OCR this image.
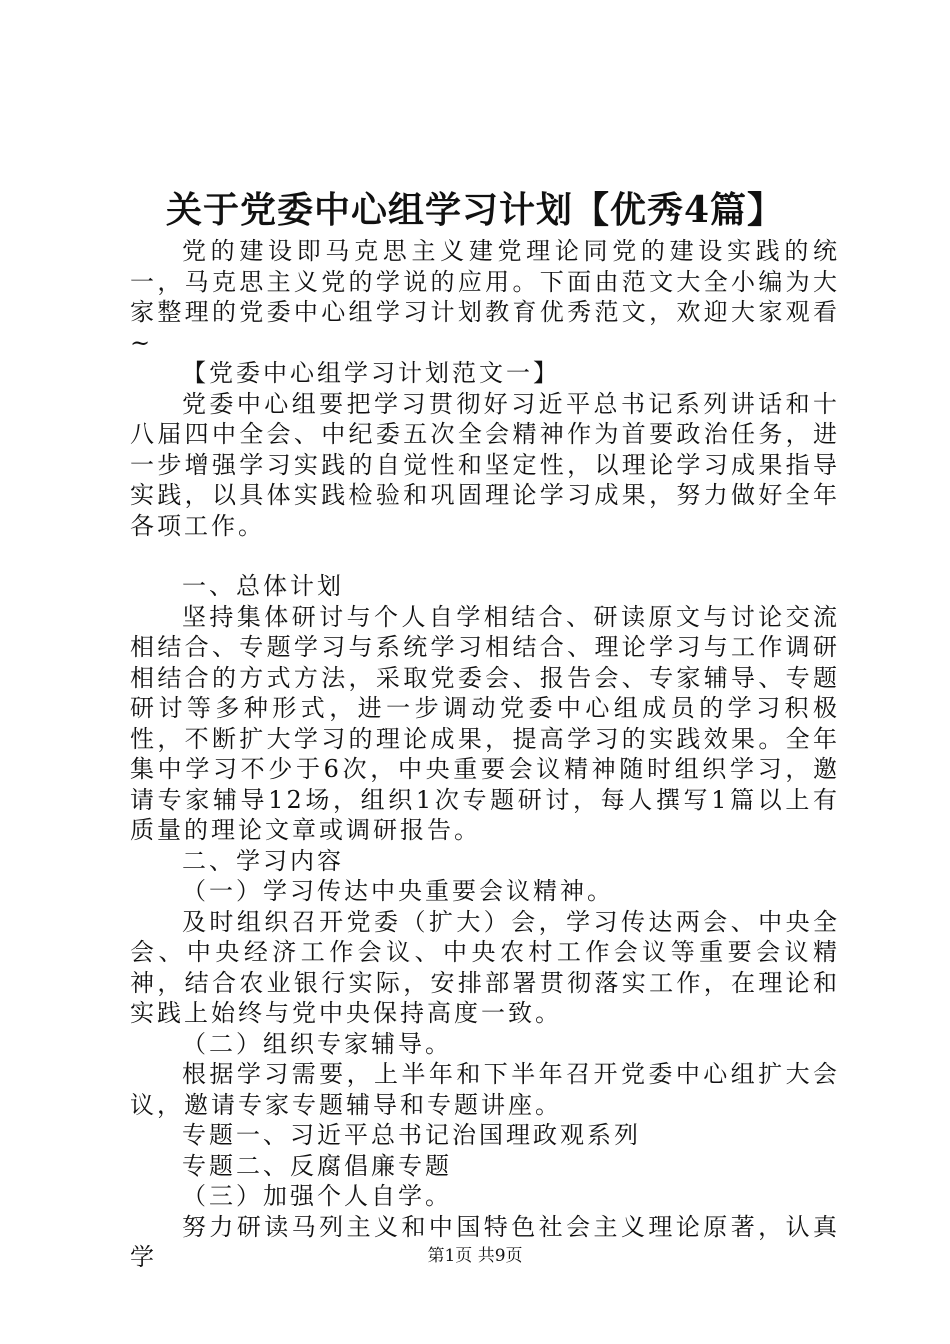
关于党委中心组学习计划【优秀4篇】

党的建设即马克思主义建党理论同党的建设实践的统一，马克思主义党的学说的应用。下面由范文大全小编为大家整理的党委中心组学习计划教育优秀范文，欢迎大家观看~

【党委中心组学习计划范文一】

党委中心组要把学习贯彻好习近平总书记系列讲话和十八届四中全会、中纪委五次全会精神作为首要政治任务，进一步增强学习实践的自觉性和坚定性，以理论学习成果指导实践，以具体实践检验和巩固理论学习成果，努力做好全年各项工作。

一、总体计划

坚持集体研讨与个人自学相结合、研读原文与讨论交流相结合、专题学习与系统学习相结合、理论学习与工作调研相结合的方式方法，采取党委会、报告会、专家辅导、专题研讨等多种形式，进一步调动党委中心组成员的学习积极性，不断扩大学习的理论成果，提高学习的实践效果。全年集中学习不少于6次，中央重要会议精神随时组织学习，邀请专家辅导12场，组织1次专题研讨，每人撰写1篇以上有质量的理论文章或调研报告。

二、学习内容

（一）学习传达中央重要会议精神。

及时组织召开党委（扩大）会，学习传达两会、中央全会、中央经济工作会议、中央农村工作会议等重要会议精神，结合农业银行实际，安排部署贯彻落实工作，在理论和实践上始终与党中央保持高度一致。

（二）组织专家辅导。

根据学习需要，上半年和下半年召开党委中心组扩大会议，邀请专家专题辅导和专题讲座。

专题一、习近平总书记治国理政观系列

专题二、反腐倡廉专题

（三）加强个人自学。

努力研读马列主义和中国特色社会主义理论原著，认真学	第1页 共9页
